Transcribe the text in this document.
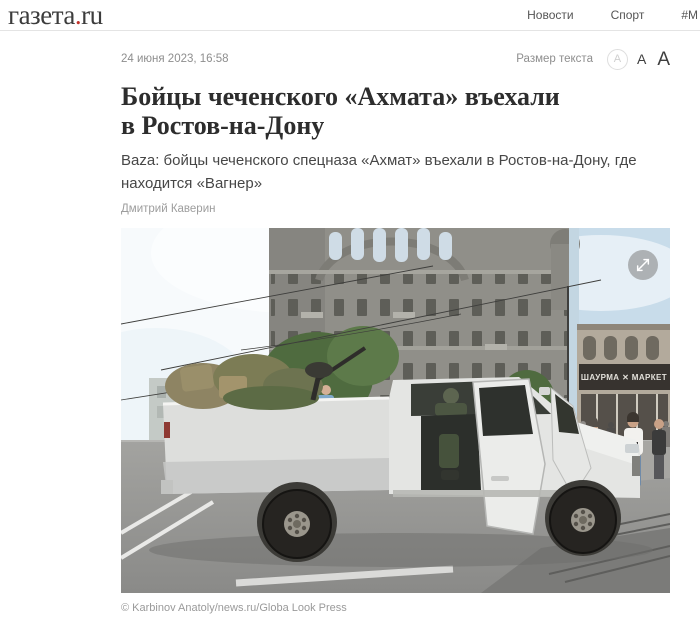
газета.ru	Новости	Спорт	#М
24 июня 2023, 16:58	Размер текста	A	A A
Бойцы чеченского «Ахмата» въехали
в Ростов-на-Дону

Baza: бойцы чеченского спецназа «Ахмат» въехали в Ростов-на-Дону, где находится «Вагнер»

Дмитрий Каверин
ШАУРМА ✕ МАРКЕТ
© Karbinov Anatoly/news.ru/Globa Look Press
